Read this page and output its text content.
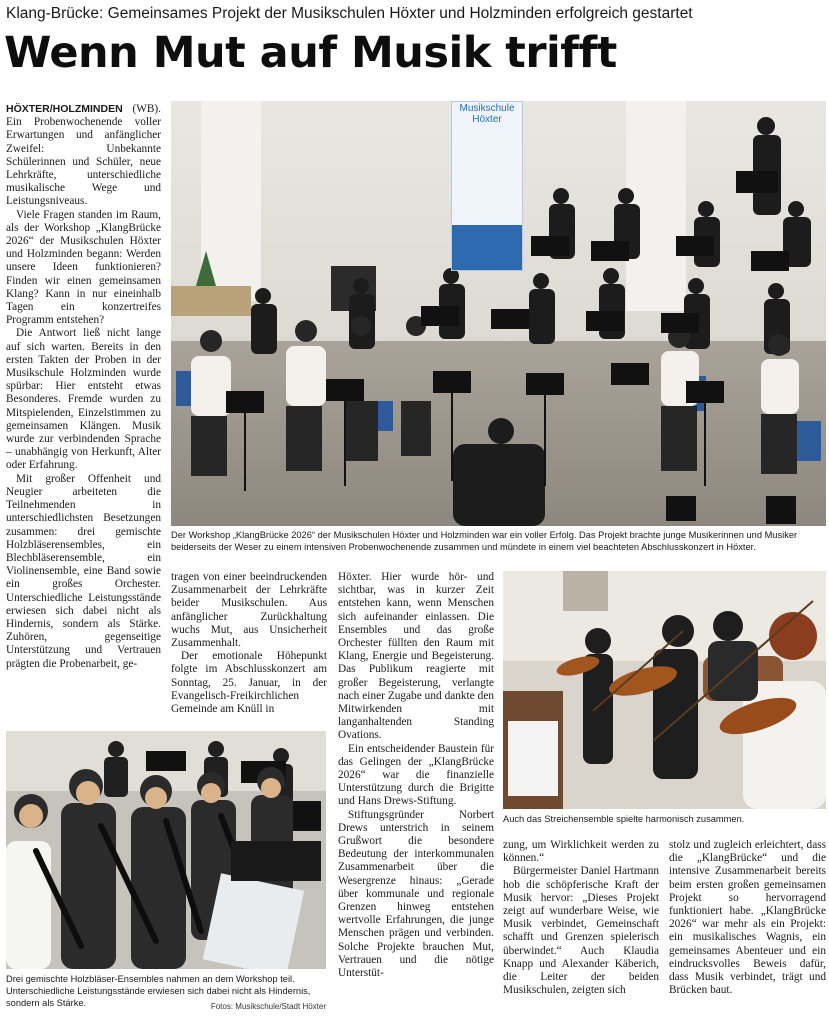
Klang-Brücke: Gemeinsames Projekt der Musikschulen Höxter und Holzminden erfolgreich gestartet
Wenn Mut auf Musik trifft

HÖXTER/HOLZMINDEN (WB). Ein Probenwochenende voller Erwartungen und anfänglicher Zweifel: Unbekannte Schülerinnen und Schüler, neue Lehrkräfte, unterschiedliche musikalische Wege und Leistungsniveaus.

Viele Fragen standen im Raum, als der Workshop „KlangBrücke 2026“ der Musikschulen Höxter und Holzminden begann: Werden unsere Ideen funktionieren? Finden wir einen gemeinsamen Klang? Kann in nur eineinhalb Tagen ein konzertreifes Programm entstehen?

Die Antwort ließ nicht lange auf sich warten. Bereits in den ersten Takten der Proben in der Musikschule Holzminden wurde spürbar: Hier entsteht etwas Besonderes. Fremde wurden zu Mitspielenden, Einzelstimmen zu gemeinsamen Klängen. Musik wurde zur verbindenden Sprache – unabhängig von Herkunft, Alter oder Erfahrung.

Mit großer Offenheit und Neugier arbeiteten die Teilnehmenden in unterschiedlichsten Besetzungen zusammen: drei gemischte Holzbläserensembles, ein Blechbläserensemble, ein Violinensemble, eine Band sowie ein großes Orchester. Unterschiedliche Leistungsstände erwiesen sich dabei nicht als Hindernis, sondern als Stärke. Zuhören, gegenseitige Unterstützung und Vertrauen prägten die Probenarbeit, ge-

Musikschule Höxter
Der Workshop „KlangBrücke 2026“ der Musikschulen Höxter und Holzminden war ein voller Erfolg. Das Projekt brachte junge Musikerinnen und Musiker beiderseits der Weser zu einem intensiven Probenwochenende zusammen und mündete in einem viel beachteten Abschlusskonzert in Höxter.

tragen von einer beeindruckenden Zusammenarbeit der Lehrkräfte beider Musikschulen. Aus anfänglicher Zurückhaltung wuchs Mut, aus Unsicherheit Zusammenhalt.

Der emotionale Höhepunkt folgte im Abschlusskonzert am Sonntag, 25. Januar, in der Evangelisch-Freikirchlichen Gemeinde am Knüll in

Höxter. Hier wurde hör- und sichtbar, was in kurzer Zeit entstehen kann, wenn Menschen sich aufeinander einlassen. Die Ensembles und das große Orchester füllten den Raum mit Klang, Energie und Begeisterung. Das Publikum reagierte mit großer Begeisterung, verlangte nach einer Zugabe und dankte den Mitwirkenden mit langanhaltenden Standing Ovations.

Ein entscheidender Baustein für das Gelingen der „KlangBrücke 2026“ war die finanzielle Unterstützung durch die Brigitte und Hans Drews-Stiftung.

Stiftungsgründer Norbert Drews unterstrich in seinem Grußwort die besondere Bedeutung der interkommunalen Zusammenarbeit über die Wesergrenze hinaus: „Gerade über kommunale und regionale Grenzen hinweg entstehen wertvolle Erfahrungen, die junge Menschen prägen und verbinden. Solche Projekte brauchen Mut, Vertrauen und die nötige Unterstüt-

Auch das Streichensemble spielte harmonisch zusammen.

zung, um Wirklichkeit werden zu können.“

Bürgermeister Daniel Hartmann hob die schöpferische Kraft der Musik hervor: „Dieses Projekt zeigt auf wunderbare Weise, wie Musik verbindet, Gemeinschaft schafft und Grenzen spielerisch überwindet.“ Auch Klaudia Knapp und Alexander Käberich, die Leiter der beiden Musikschulen, zeigten sich

stolz und zugleich erleichtert, dass die „KlangBrücke“ und die intensive Zusammenarbeit bereits beim ersten großen gemeinsamen Projekt so hervorragend funktioniert habe. „KlangBrücke 2026“ war mehr als ein Projekt: ein musikalisches Wagnis, ein gemeinsames Abenteuer und ein eindrucksvolles Beweis dafür, dass Musik verbindet, trägt und Brücken baut.

Drei gemischte Holzbläser-Ensembles nahmen an dem Workshop teil. Unterschiedliche Leistungsstände erwiesen sich dabei nicht als Hindernis, sondern als Stärke.	Fotos: Musikschule/Stadt Höxter
